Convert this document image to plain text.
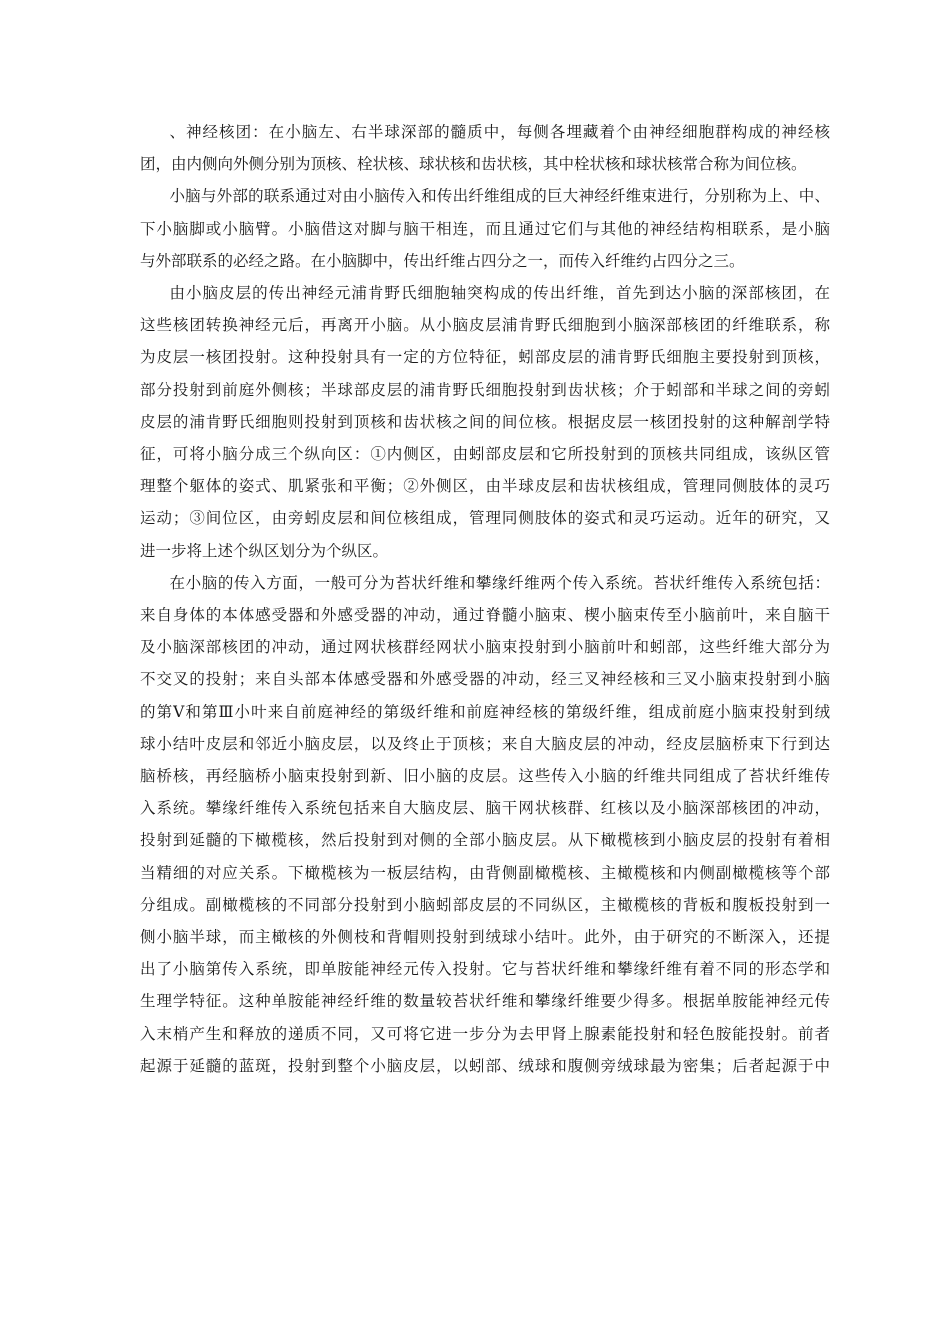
、神经核团：在小脑左、右半球深部的髓质中，每侧各埋藏着个由神经细胞群构成的神经核
团，由内侧向外侧分别为顶核、栓状核、球状核和齿状核，其中栓状核和球状核常合称为间位核。
小脑与外部的联系通过对由小脑传入和传出纤维组成的巨大神经纤维束进行，分别称为上、中、
下小脑脚或小脑臂。小脑借这对脚与脑干相连，而且通过它们与其他的神经结构相联系，是小脑
与外部联系的必经之路。在小脑脚中，传出纤维占四分之一，而传入纤维约占四分之三。
由小脑皮层的传出神经元浦肯野氏细胞轴突构成的传出纤维，首先到达小脑的深部核团，在
这些核团转换神经元后，再离开小脑。从小脑皮层浦肯野氏细胞到小脑深部核团的纤维联系，称
为皮层一核团投射。这种投射具有一定的方位特征，蚓部皮层的浦肯野氏细胞主要投射到顶核，
部分投射到前庭外侧核；半球部皮层的浦肯野氏细胞投射到齿状核；介于蚓部和半球之间的旁蚓
皮层的浦肯野氏细胞则投射到顶核和齿状核之间的间位核。根据皮层一核团投射的这种解剖学特
征，可将小脑分成三个纵向区：①内侧区，由蚓部皮层和它所投射到的顶核共同组成，该纵区管
理整个躯体的姿式、肌紧张和平衡；②外侧区，由半球皮层和齿状核组成，管理同侧肢体的灵巧
运动；③间位区，由旁蚓皮层和间位核组成，管理同侧肢体的姿式和灵巧运动。近年的研究，又
进一步将上述个纵区划分为个纵区。
在小脑的传入方面，一般可分为苔状纤维和攀缘纤维两个传入系统。苔状纤维传入系统包括：
来自身体的本体感受器和外感受器的冲动，通过脊髓小脑束、楔小脑束传至小脑前叶，来自脑干
及小脑深部核团的冲动，通过网状核群经网状小脑束投射到小脑前叶和蚓部，这些纤维大部分为
不交叉的投射；来自头部本体感受器和外感受器的冲动，经三叉神经核和三叉小脑束投射到小脑
的第Ⅴ和第Ⅲ小叶来自前庭神经的第级纤维和前庭神经核的第级纤维，组成前庭小脑束投射到绒
球小结叶皮层和邻近小脑皮层，以及终止于顶核；来自大脑皮层的冲动，经皮层脑桥束下行到达
脑桥核，再经脑桥小脑束投射到新、旧小脑的皮层。这些传入小脑的纤维共同组成了苔状纤维传
入系统。攀缘纤维传入系统包括来自大脑皮层、脑干网状核群、红核以及小脑深部核团的冲动，
投射到延髓的下橄榄核，然后投射到对侧的全部小脑皮层。从下橄榄核到小脑皮层的投射有着相
当精细的对应关系。下橄榄核为一板层结构，由背侧副橄榄核、主橄榄核和内侧副橄榄核等个部
分组成。副橄榄核的不同部分投射到小脑蚓部皮层的不同纵区，主橄榄核的背板和腹板投射到一
侧小脑半球，而主橄核的外侧枝和背帽则投射到绒球小结叶。此外，由于研究的不断深入，还提
出了小脑第传入系统，即单胺能神经元传入投射。它与苔状纤维和攀缘纤维有着不同的形态学和
生理学特征。这种单胺能神经纤维的数量较苔状纤维和攀缘纤维要少得多。根据单胺能神经元传
入末梢产生和释放的递质不同，又可将它进一步分为去甲肾上腺素能投射和轻色胺能投射。前者
起源于延髓的蓝斑，投射到整个小脑皮层，以蚓部、绒球和腹侧旁绒球最为密集；后者起源于中
